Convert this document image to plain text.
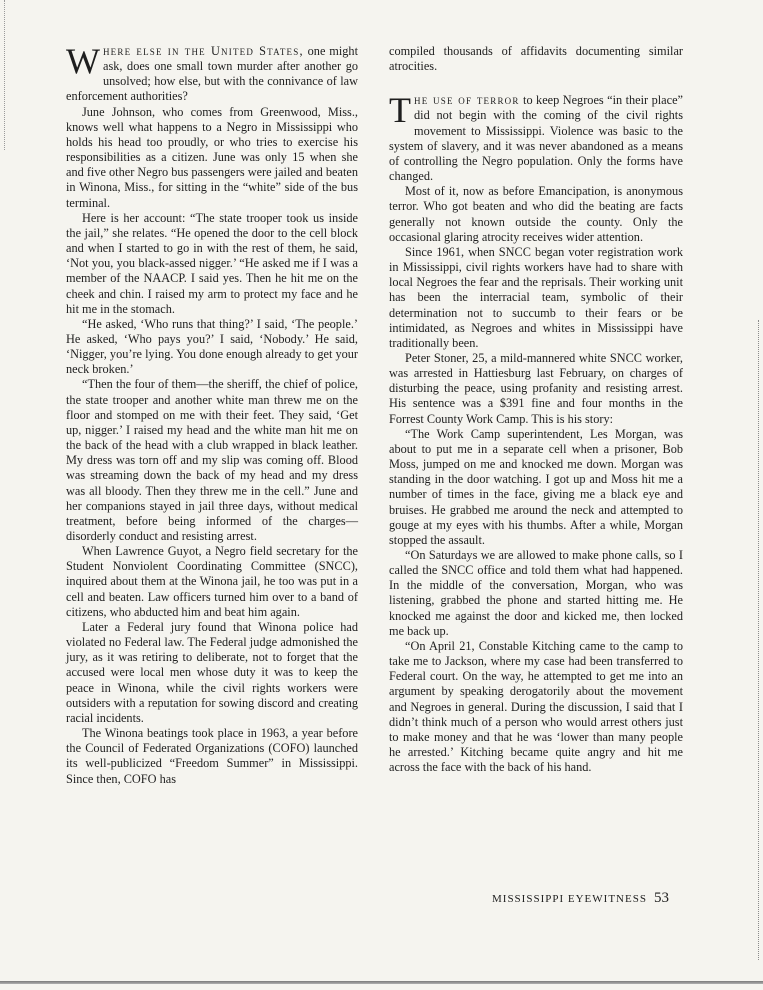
Where else in the United States, one might ask, does one small town murder after another go unsolved; how else, but with the connivance of law enforcement authorities?

June Johnson, who comes from Greenwood, Miss., knows well what happens to a Negro in Mississippi who holds his head too proudly, or who tries to exercise his responsibilities as a citizen. June was only 15 when she and five other Negro bus passengers were jailed and beaten in Winona, Miss., for sitting in the “white” side of the bus terminal.

Here is her account: “The state trooper took us inside the jail,” she relates. “He opened the door to the cell block and when I started to go in with the rest of them, he said, ‘Not you, you black-assed nigger.’ “He asked me if I was a member of the NAACP. I said yes. Then he hit me on the cheek and chin. I raised my arm to protect my face and he hit me in the stomach.

“He asked, ‘Who runs that thing?’ I said, ‘The people.’ He asked, ‘Who pays you?’ I said, ‘Nobody.’ He said, ‘Nigger, you’re lying. You done enough already to get your neck broken.’

“Then the four of them—the sheriff, the chief of police, the state trooper and another white man threw me on the floor and stomped on me with their feet. They said, ‘Get up, nigger.’ I raised my head and the white man hit me on the back of the head with a club wrapped in black leather. My dress was torn off and my slip was coming off. Blood was streaming down the back of my head and my dress was all bloody. Then they threw me in the cell.” June and her companions stayed in jail three days, without medical treatment, before being informed of the charges—disorderly conduct and resisting arrest.

When Lawrence Guyot, a Negro field secretary for the Student Nonviolent Coordinating Committee (SNCC), inquired about them at the Winona jail, he too was put in a cell and beaten. Law officers turned him over to a band of citizens, who abducted him and beat him again.

Later a Federal jury found that Winona police had violated no Federal law. The Federal judge admonished the jury, as it was retiring to deliberate, not to forget that the accused were local men whose duty it was to keep the peace in Winona, while the civil rights workers were outsiders with a reputation for sowing discord and creating racial incidents.

The Winona beatings took place in 1963, a year before the Council of Federated Organizations (COFO) launched its well-publicized “Freedom Summer” in Mississippi. Since then, COFO has

compiled thousands of affidavits documenting similar atrocities.

The use of terror to keep Negroes “in their place” did not begin with the coming of the civil rights movement to Mississippi. Violence was basic to the system of slavery, and it was never abandoned as a means of controlling the Negro population. Only the forms have changed.

Most of it, now as before Emancipation, is anonymous terror. Who got beaten and who did the beating are facts generally not known outside the county. Only the occasional glaring atrocity receives wider attention.

Since 1961, when SNCC began voter registration work in Mississippi, civil rights workers have had to share with local Negroes the fear and the reprisals. Their working unit has been the interracial team, symbolic of their determination not to succumb to their fears or be intimidated, as Negroes and whites in Mississippi have traditionally been.

Peter Stoner, 25, a mild-mannered white SNCC worker, was arrested in Hattiesburg last February, on charges of disturbing the peace, using profanity and resisting arrest. His sentence was a $391 fine and four months in the Forrest County Work Camp. This is his story:

“The Work Camp superintendent, Les Morgan, was about to put me in a separate cell when a prisoner, Bob Moss, jumped on me and knocked me down. Morgan was standing in the door watching. I got up and Moss hit me a number of times in the face, giving me a black eye and bruises. He grabbed me around the neck and attempted to gouge at my eyes with his thumbs. After a while, Morgan stopped the assault.

“On Saturdays we are allowed to make phone calls, so I called the SNCC office and told them what had happened. In the middle of the conversation, Morgan, who was listening, grabbed the phone and started hitting me. He knocked me against the door and kicked me, then locked me back up.

“On April 21, Constable Kitching came to the camp to take me to Jackson, where my case had been transferred to Federal court. On the way, he attempted to get me into an argument by speaking derogatorily about the movement and Negroes in general. During the discussion, I said that I didn’t think much of a person who would arrest others just to make money and that he was ‘lower than many people he arrested.’ Kitching became quite angry and hit me across the face with the back of his hand.

MISSISSIPPI EYEWITNESS 53
